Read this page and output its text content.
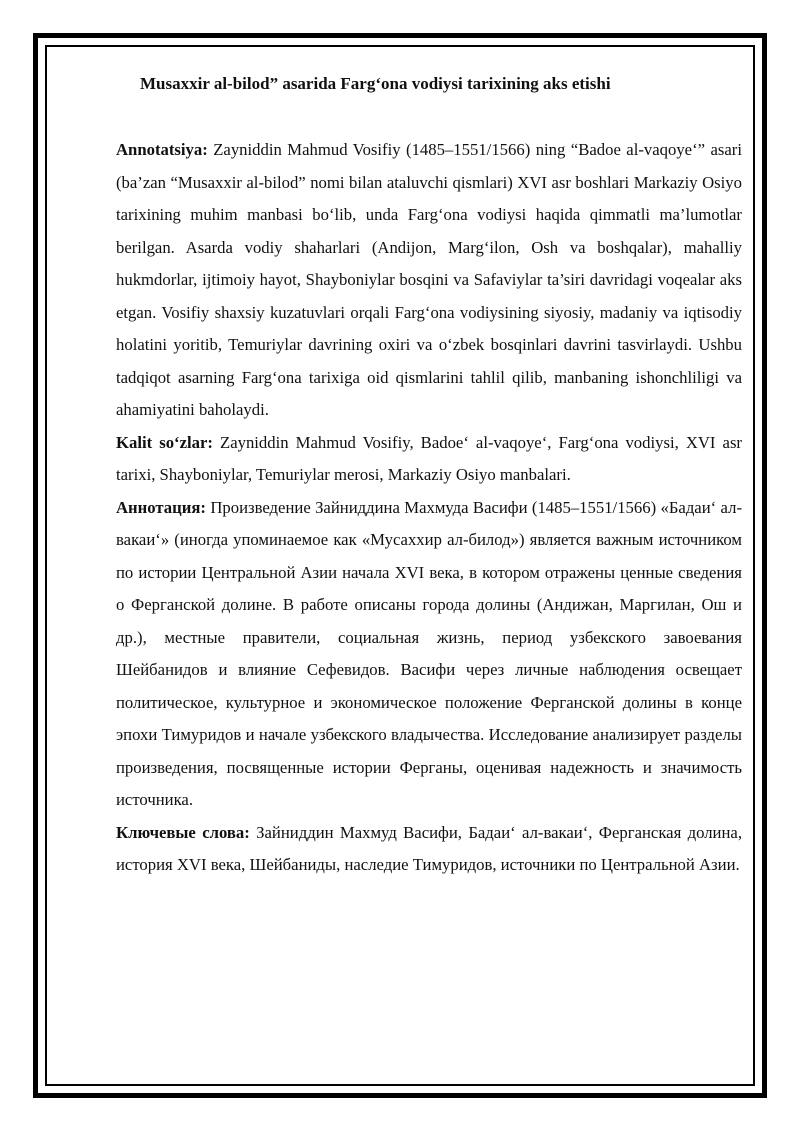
Musaxxir al-bilod” asarida Farg‘ona vodiysi tarixining aks etishi

Annotatsiya: Zayniddin Mahmud Vosifiy (1485–1551/1566) ning “Badoe al-vaqoye‘” asari (ba’zan “Musaxxir al-bilod” nomi bilan ataluvchi qismlari) XVI asr boshlari Markaziy Osiyo tarixining muhim manbasi bo‘lib, unda Farg‘ona vodiysi haqida qimmatli ma’lumotlar berilgan. Asarda vodiy shaharlari (Andijon, Marg‘ilon, Osh va boshqalar), mahalliy hukmdorlar, ijtimoiy hayot, Shayboniylar bosqini va Safaviylar ta’siri davridagi voqealar aks etgan. Vosifiy shaxsiy kuzatuvlari orqali Farg‘ona vodiysining siyosiy, madaniy va iqtisodiy holatini yoritib, Temuriylar davrining oxiri va o‘zbek bosqinlari davrini tasvirlaydi. Ushbu tadqiqot asarning Farg‘ona tarixiga oid qismlarini tahlil qilib, manbaning ishonchliligi va ahamiyatini baholaydi.

Kalit so‘zlar: Zayniddin Mahmud Vosifiy, Badoe‘ al-vaqoye‘, Farg‘ona vodiysi, XVI asr tarixi, Shayboniylar, Temuriylar merosi, Markaziy Osiyo manbalari.

Аннотация: Произведение Зайниддина Махмуда Васифи (1485–1551/1566) «Бадаи‘ ал-вакаи‘» (иногда упоминаемое как «Мусаххир ал-билод») является важным источником по истории Центральной Азии начала XVI века, в котором отражены ценные сведения о Ферганской долине. В работе описаны города долины (Андижан, Маргилан, Ош и др.), местные правители, социальная жизнь, период узбекского завоевания Шейбанидов и влияние Сефевидов. Васифи через личные наблюдения освещает политическое, культурное и экономическое положение Ферганской долины в конце эпохи Тимуридов и начале узбекского владычества. Исследование анализирует разделы произведения, посвященные истории Ферганы, оценивая надежность и значимость источника.

Ключевые слова: Зайниддин Махмуд Васифи, Бадаи‘ ал-вакаи‘, Ферганская долина, история XVI века, Шейбаниды, наследие Тимуридов, источники по Центральной Азии.
